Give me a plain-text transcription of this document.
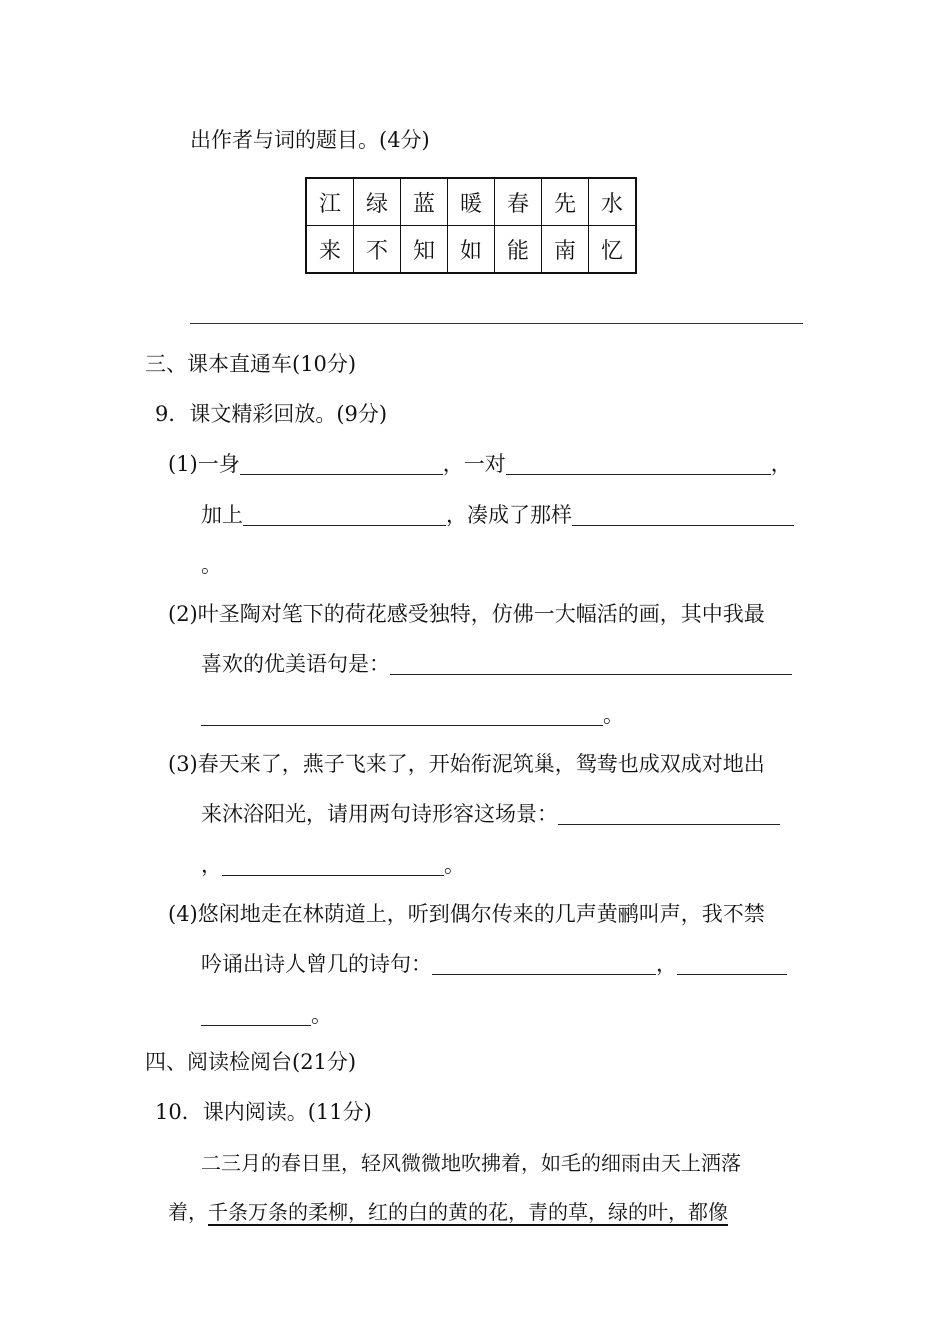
出作者与词的题目。(4分)
江	绿	蓝	暖	春	先	水
来	不	知	如	能	南	忆
三、课本直通车(10分)
9．课文精彩回放。(9分)
(1)一身	，一对	，
加上	，凑成了那样
。
(2)叶圣陶对笔下的荷花感受独特，仿佛一大幅活的画，其中我最
喜欢的优美语句是：
。
(3)春天来了，燕子飞来了，开始衔泥筑巢，鸳鸯也成双成对地出
来沐浴阳光，请用两句诗形容这场景：
，	。
(4)悠闲地走在林荫道上，听到偶尔传来的几声黄鹂叫声，我不禁
吟诵出诗人曾几的诗句：	，
。
四、阅读检阅台(21分)
10．课内阅读。(11分)
二三月的春日里，轻风微微地吹拂着，如毛的细雨由天上洒落
着，千条万条的柔柳，红的白的黄的花，青的草，绿的叶，都像
